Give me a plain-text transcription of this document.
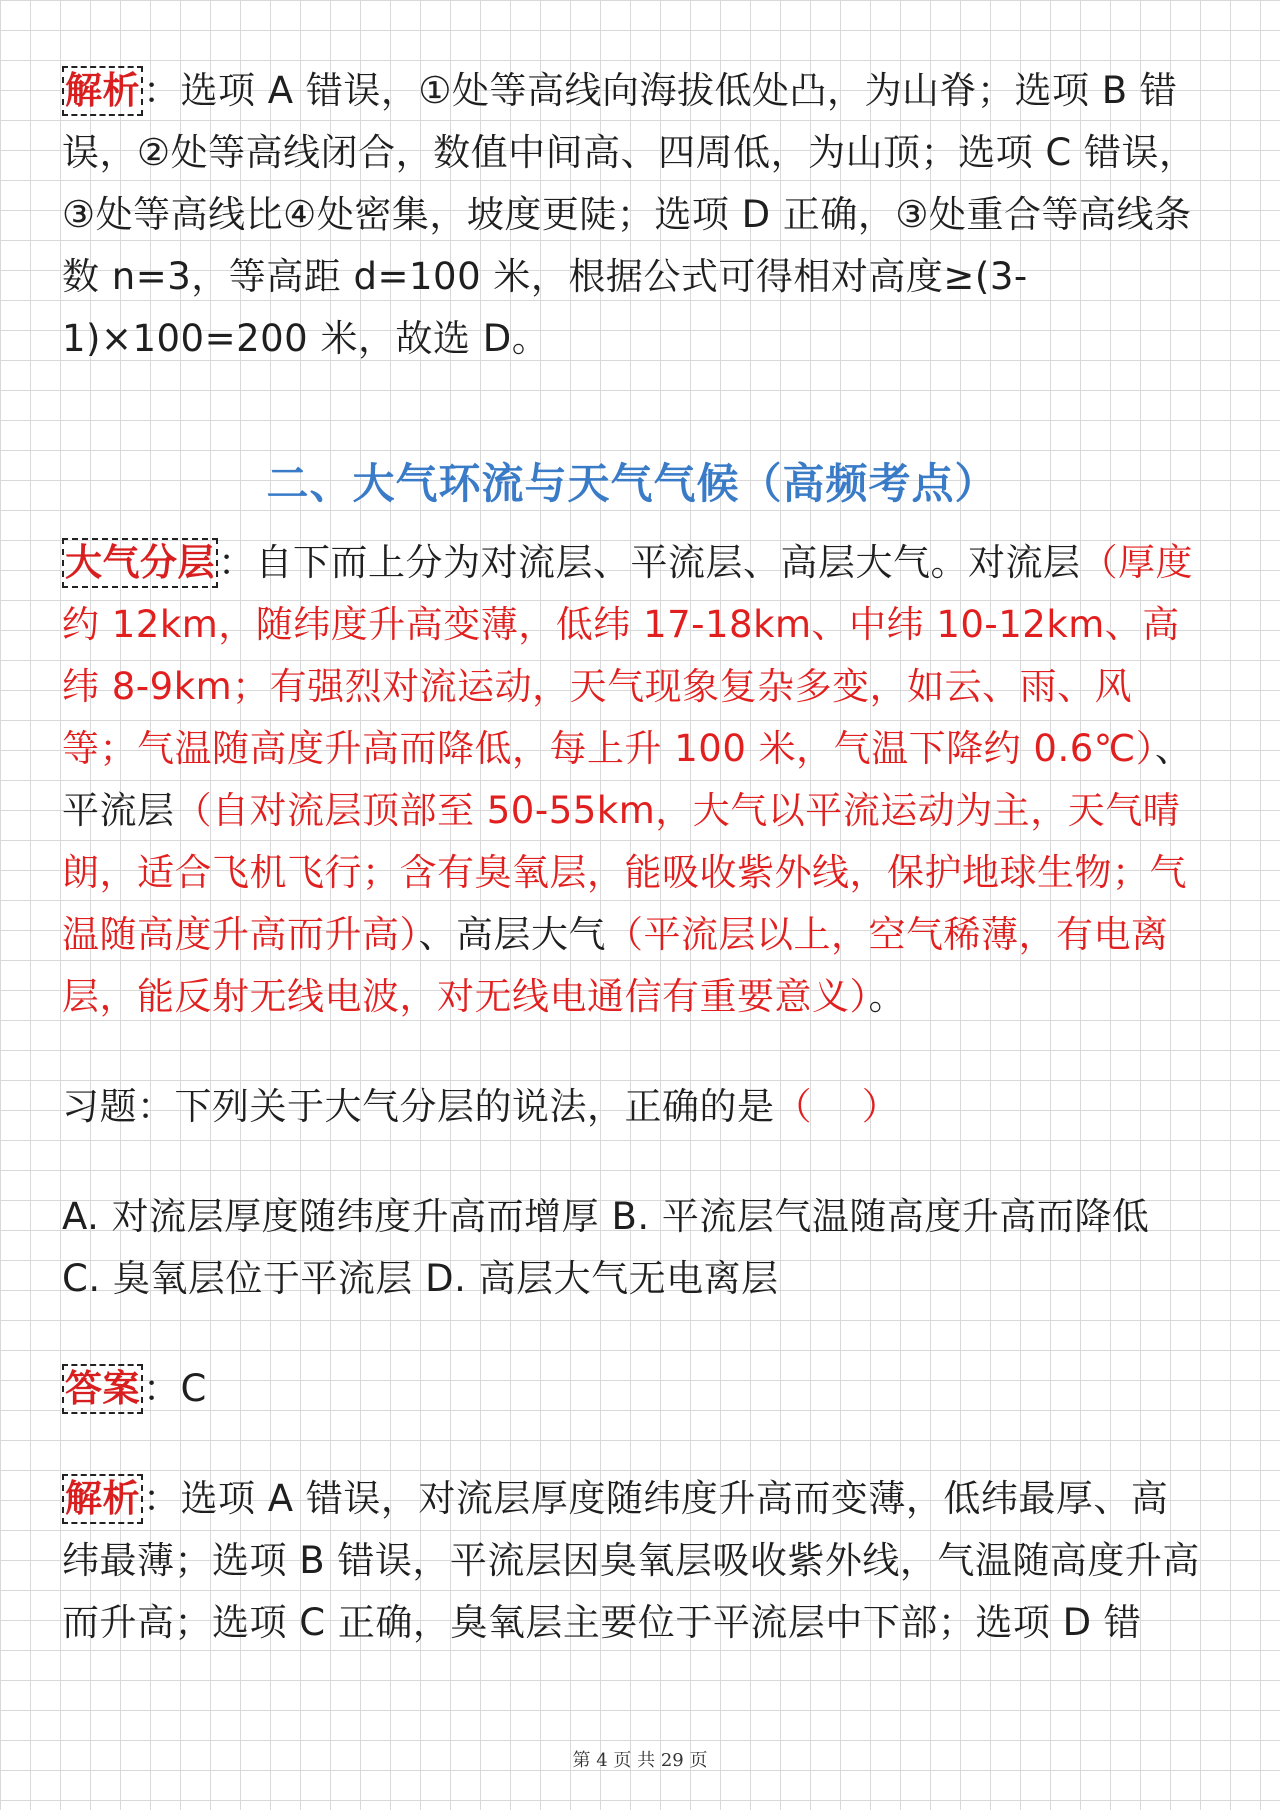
解析：选项 A 错误，①处等高线向海拔低处凸，为山脊；选项 B 错误，②处等高线闭合，数值中间高、四周低，为山顶；选项 C 错误，③处等高线比④处密集，坡度更陡；选项 D 正确，③处重合等高线条数 n=3，等高距 d=100 米，根据公式可得相对高度≥(3-1)×100=200 米，故选 D。

二、大气环流与天气气候（高频考点）

大气分层：自下而上分为对流层、平流层、高层大气。对流层（厚度约 12km，随纬度升高变薄，低纬 17-18km、中纬 10-12km、高纬 8-9km；有强烈对流运动，天气现象复杂多变，如云、雨、风等；气温随高度升高而降低，每上升 100 米，气温下降约 0.6℃）、平流层（自对流层顶部至 50-55km，大气以平流运动为主，天气晴朗，适合飞机飞行；含有臭氧层，能吸收紫外线，保护地球生物；气温随高度升高而升高）、高层大气（平流层以上，空气稀薄，有电离层，能反射无线电波，对无线电通信有重要意义）。

习题：下列关于大气分层的说法，正确的是（　 ）

A. 对流层厚度随纬度升高而增厚 B. 平流层气温随高度升高而降低
C. 臭氧层位于平流层 D. 高层大气无电离层

答案：C

解析：选项 A 错误，对流层厚度随纬度升高而变薄，低纬最厚、高纬最薄；选项 B 错误，平流层因臭氧层吸收紫外线，气温随高度升高而升高；选项 C 正确，臭氧层主要位于平流层中下部；选项 D 错

第 4 页 共 29 页
